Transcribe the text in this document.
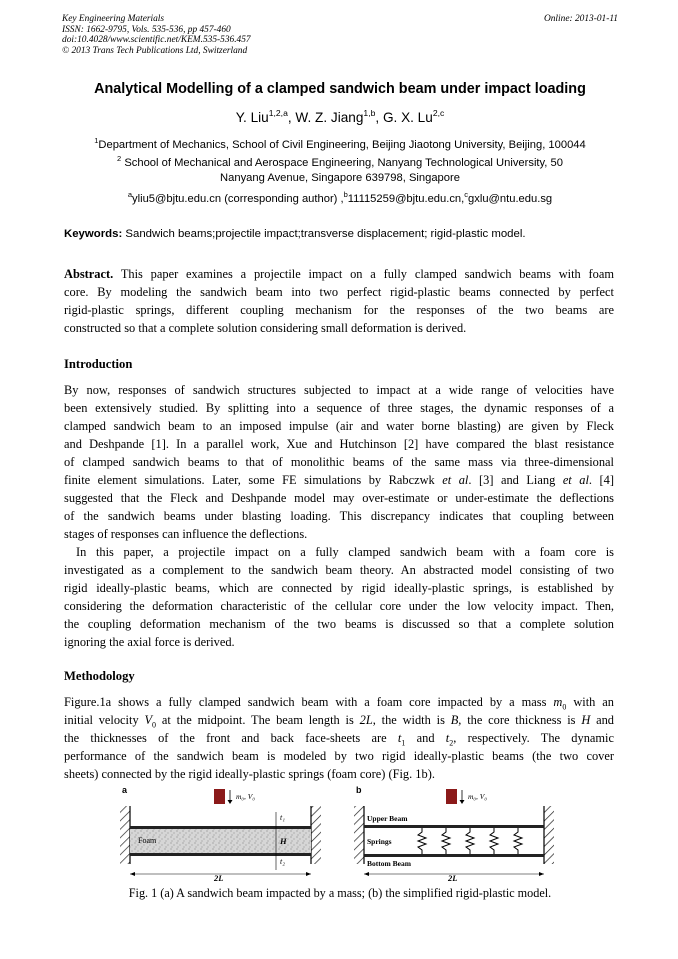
Key Engineering Materials
ISSN: 1662-9795, Vols. 535-536, pp 457-460
doi:10.4028/www.scientific.net/KEM.535-536.457
© 2013 Trans Tech Publications Ltd, Switzerland
Online: 2013-01-11
Analytical Modelling of a clamped sandwich beam under impact loading
Y. Liu$^{1,2,a}$, W. Z. Jiang$^{1,b}$, G. X. Lu$^{2,c}$
$^1$Department of Mechanics, School of Civil Engineering, Beijing Jiaotong University, Beijing, 100044
$^2$ School of Mechanical and Aerospace Engineering, Nanyang Technological University, 50
Nanyang Avenue, Singapore 639798, Singapore
$^a$yliu5@bjtu.edu.cn (corresponding author) ,$^b$11115259@bjtu.edu.cn,$^c$gxlu@ntu.edu.sg
Keywords: Sandwich beams;projectile impact;transverse displacement; rigid-plastic model.
Abstract. This paper examines a projectile impact on a fully clamped sandwich beams with foam
core. By modeling the sandwich beam into two perfect rigid-plastic beams connected by perfect
rigid-plastic springs, different coupling mechanism for the responses of the two beams are
constructed so that a complete solution considering small deformation is derived.
Introduction
By now, responses of sandwich structures subjected to impact at a wide range of velocities have
been extensively studied. By splitting into a sequence of three stages, the dynamic responses of a
clamped sandwich beam to an imposed impulse (air and water borne blasting) are given by Fleck
and Deshpande [1]. In a parallel work, Xue and Hutchinson [2] have compared the blast resistance
of clamped sandwich beams to that of monolithic beams of the same mass via three-dimensional
finite element simulations. Later, some FE simulations by Rabczwk et al. [3] and Liang et al. [4]
suggested that the Fleck and Deshpande model may over-estimate or under-estimate the deflections
of the sandwich beams under blasting loading. This discrepancy indicates that coupling between
stages of responses can influence the deflections.
In this paper, a projectile impact on a fully clamped sandwich beam with a foam core is
investigated as a complement to the sandwich beam theory. An abstracted model consisting of two
rigid ideally-plastic beams, which are connected by rigid ideally-plastic springs, is established by
considering the deformation characteristic of the cellular core under the low velocity impact. Then,
the coupling deformation mechanism of the two beams is discussed so that a complete solution
ignoring the axial force is derived.
Methodology
Figure.1a shows a fully clamped sandwich beam with a foam core impacted by a mass $m_0$ with an
initial velocity $V_0$ at the midpoint. The beam length is 2L, the width is B, the core thickness is H and
the thicknesses of the front and back face-sheets are $t_1$ and $t_2$, respectively. The dynamic
performance of the sandwich beam is modeled by two rigid ideally-plastic beams (the two cover
sheets) connected by the rigid ideally-plastic springs (foam core) (Fig. 1b).
a
m₀, V₀
Foam
t₁
H
t₂
2L
b
m₀, V₀
Upper Beam
Springs
Bottom Beam
2L
Fig. 1 (a) A sandwich beam impacted by a mass; (b) the simplified rigid-plastic model.
